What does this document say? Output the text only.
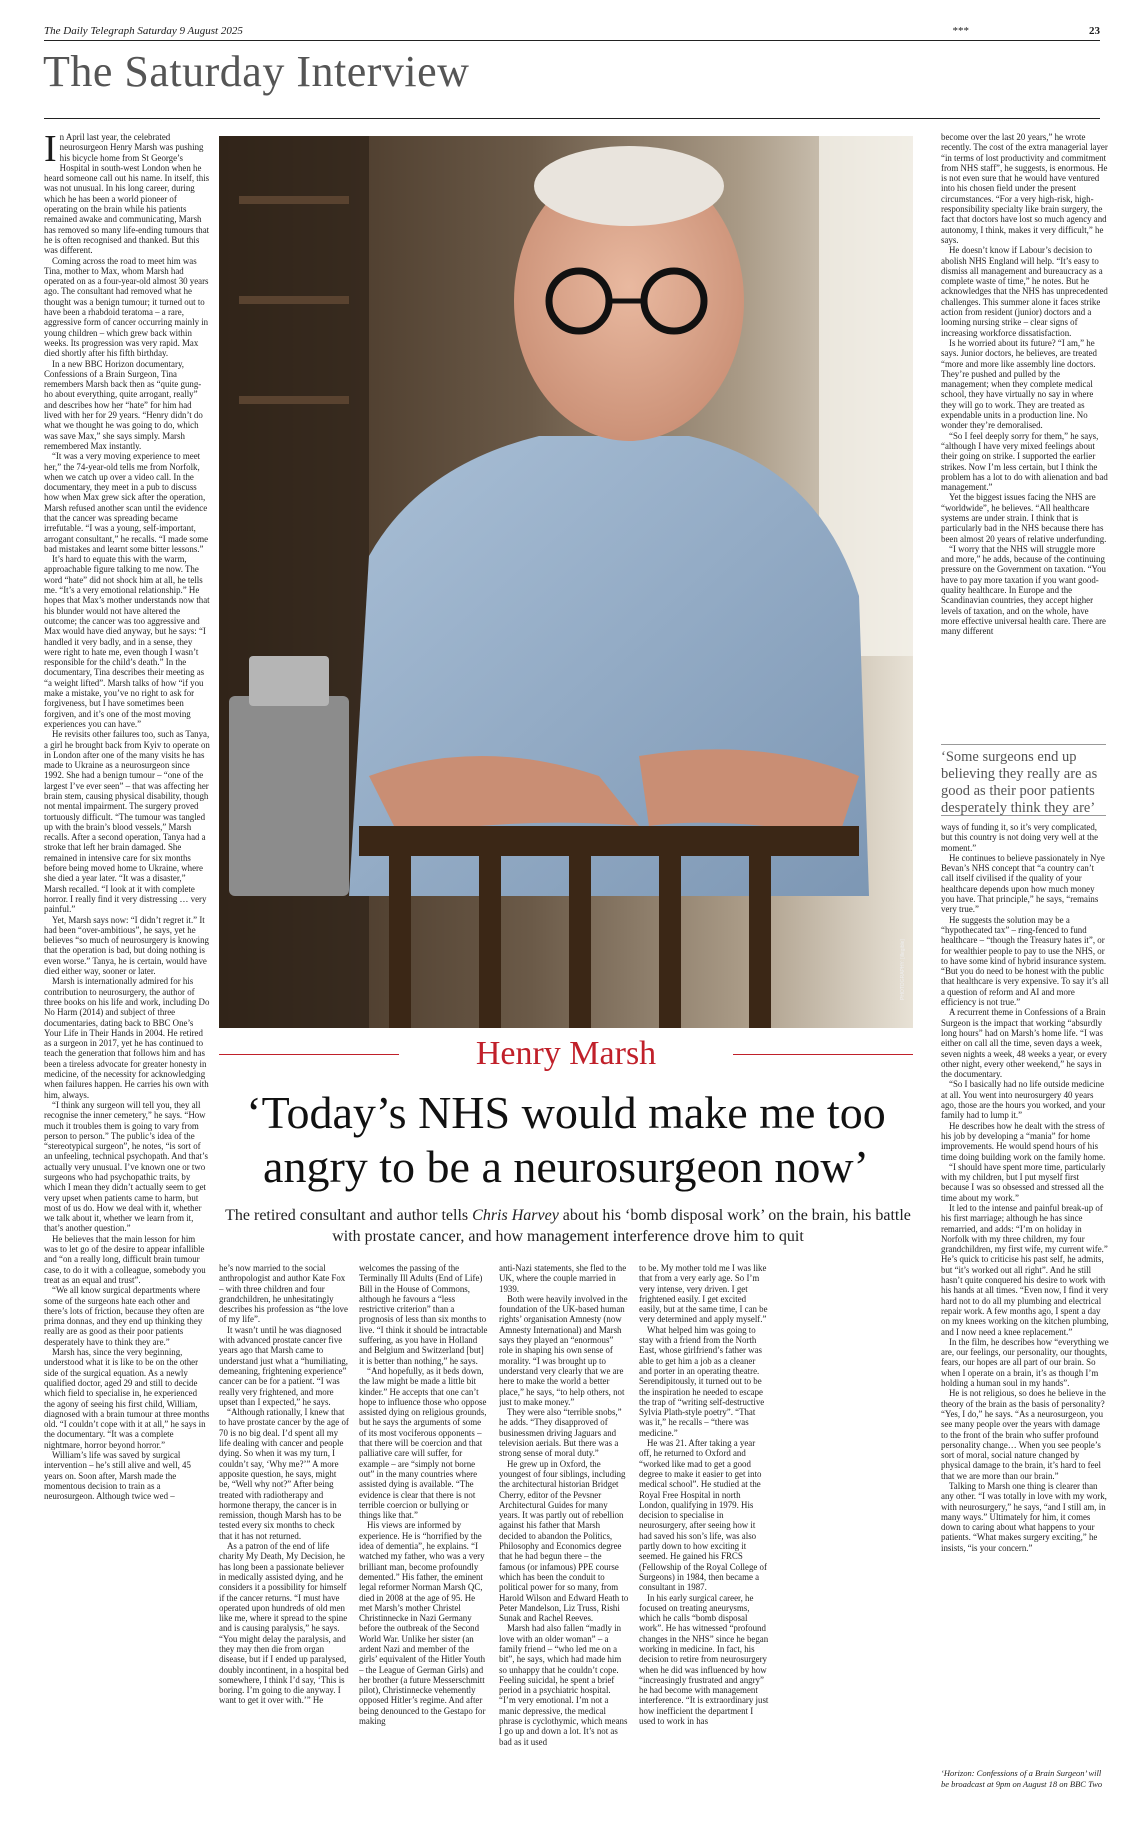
The Daily Telegraph Saturday 9 August 2025	***	23
The Saturday Interview

In April last year, the celebrated neurosurgeon Henry Marsh was pushing his bicycle home from St George’s Hospital in south-west London when he heard someone call out his name. In itself, this was not unusual. In his long career, during which he has been a world pioneer of operating on the brain while his patients remained awake and communicating, Marsh has removed so many life-ending tumours that he is often recognised and thanked. But this was different.

Coming across the road to meet him was Tina, mother to Max, whom Marsh had operated on as a four-year-old almost 30 years ago. The consultant had removed what he thought was a benign tumour; it turned out to have been a rhabdoid teratoma – a rare, aggressive form of cancer occurring mainly in young children – which grew back within weeks. Its progression was very rapid. Max died shortly after his fifth birthday.

In a new BBC Horizon documentary, Confessions of a Brain Surgeon, Tina remembers Marsh back then as “quite gung-ho about everything, quite arrogant, really” and describes how her “hate” for him had lived with her for 29 years. “Henry didn’t do what we thought he was going to do, which was save Max,” she says simply. Marsh remembered Max instantly.

“It was a very moving experience to meet her,” the 74-year-old tells me from Norfolk, when we catch up over a video call. In the documentary, they meet in a pub to discuss how when Max grew sick after the operation, Marsh refused another scan until the evidence that the cancer was spreading became irrefutable. “I was a young, self-important, arrogant consultant,” he recalls. “I made some bad mistakes and learnt some bitter lessons.”

It’s hard to equate this with the warm, approachable figure talking to me now. The word “hate” did not shock him at all, he tells me. “It’s a very emotional relationship.” He hopes that Max’s mother understands now that his blunder would not have altered the outcome; the cancer was too aggressive and Max would have died anyway, but he says: “I handled it very badly, and in a sense, they were right to hate me, even though I wasn’t responsible for the child’s death.” In the documentary, Tina describes their meeting as “a weight lifted”. Marsh talks of how “if you make a mistake, you’ve no right to ask for forgiveness, but I have sometimes been forgiven, and it’s one of the most moving experiences you can have.”

He revisits other failures too, such as Tanya, a girl he brought back from Kyiv to operate on in London after one of the many visits he has made to Ukraine as a neurosurgeon since 1992. She had a benign tumour – “one of the largest I’ve ever seen” – that was affecting her brain stem, causing physical disability, though not mental impairment. The surgery proved tortuously difficult. “The tumour was tangled up with the brain’s blood vessels,” Marsh recalls. After a second operation, Tanya had a stroke that left her brain damaged. She remained in intensive care for six months before being moved home to Ukraine, where she died a year later. “It was a disaster,” Marsh recalled. “I look at it with complete horror. I really find it very distressing … very painful.”

Yet, Marsh says now: “I didn’t regret it.” It had been “over-ambitious”, he says, yet he believes “so much of neurosurgery is knowing that the operation is bad, but doing nothing is even worse.” Tanya, he is certain, would have died either way, sooner or later.

Marsh is internationally admired for his contribution to neurosurgery, the author of three books on his life and work, including Do No Harm (2014) and subject of three documentaries, dating back to BBC One’s Your Life in Their Hands in 2004. He retired as a surgeon in 2017, yet he has continued to teach the generation that follows him and has been a tireless advocate for greater honesty in medicine, of the necessity for acknowledging when failures happen. He carries his own with him, always.

“I think any surgeon will tell you, they all recognise the inner cemetery,” he says. “How much it troubles them is going to vary from person to person.” The public’s idea of the “stereotypical surgeon”, he notes, “is sort of an unfeeling, technical psychopath. And that’s actually very unusual. I’ve known one or two surgeons who had psychopathic traits, by which I mean they didn’t actually seem to get very upset when patients came to harm, but most of us do. How we deal with it, whether we talk about it, whether we learn from it, that’s another question.”

He believes that the main lesson for him was to let go of the desire to appear infallible and “on a really long, difficult brain tumour case, to do it with a colleague, somebody you treat as an equal and trust”.

“We all know surgical departments where some of the surgeons hate each other and there’s lots of friction, because they often are prima donnas, and they end up thinking they really are as good as their poor patients desperately have to think they are.”

Marsh has, since the very beginning, understood what it is like to be on the other side of the surgical equation. As a newly qualified doctor, aged 29 and still to decide which field to specialise in, he experienced the agony of seeing his first child, William, diagnosed with a brain tumour at three months old. “I couldn’t cope with it at all,” he says in the documentary. “It was a complete nightmare, horror beyond horror.”

William’s life was saved by surgical intervention – he’s still alive and well, 45 years on. Soon after, Marsh made the momentous decision to train as a neurosurgeon. Although twice wed –

PHOTOGRAPHY: [illegible]
Henry Marsh
‘Today’s NHS would make me too angry to be a neurosurgeon now’
The retired consultant and author tells Chris Harvey about his ‘bomb disposal work’ on the brain, his battle with prostate cancer, and how management interference drove him to quit

he’s now married to the social anthropologist and author Kate Fox – with three children and four grandchildren, he unhesitatingly describes his profession as “the love of my life”.

It wasn’t until he was diagnosed with advanced prostate cancer five years ago that Marsh came to understand just what a “humiliating, demeaning, frightening experience” cancer can be for a patient. “I was really very frightened, and more upset than I expected,” he says.

“Although rationally, I knew that to have prostate cancer by the age of 70 is no big deal. I’d spent all my life dealing with cancer and people dying. So when it was my turn, I couldn’t say, ‘Why me?’” A more apposite question, he says, might be, “Well why not?” After being treated with radiotherapy and hormone therapy, the cancer is in remission, though Marsh has to be tested every six months to check that it has not returned.

As a patron of the end of life charity My Death, My Decision, he has long been a passionate believer in medically assisted dying, and he considers it a possibility for himself if the cancer returns. “I must have operated upon hundreds of old men like me, where it spread to the spine and is causing paralysis,” he says. “You might delay the paralysis, and they may then die from organ disease, but if I ended up paralysed, doubly incontinent, in a hospital bed somewhere, I think I’d say, ‘This is boring. I’m going to die anyway. I want to get it over with.’” He

welcomes the passing of the Terminally Ill Adults (End of Life) Bill in the House of Commons, although he favours a “less restrictive criterion” than a prognosis of less than six months to live. “I think it should be intractable suffering, as you have in Holland and Belgium and Switzerland [but] it is better than nothing,” he says.

“And hopefully, as it beds down, the law might be made a little bit kinder.” He accepts that one can’t hope to influence those who oppose assisted dying on religious grounds, but he says the arguments of some of its most vociferous opponents – that there will be coercion and that palliative care will suffer, for example – are “simply not borne out” in the many countries where assisted dying is available. “The evidence is clear that there is not terrible coercion or bullying or things like that.”

His views are informed by experience. He is “horrified by the idea of dementia”, he explains. “I watched my father, who was a very brilliant man, become profoundly demented.” His father, the eminent legal reformer Norman Marsh QC, died in 2008 at the age of 95. He met Marsh’s mother Christel Christinnecke in Nazi Germany before the outbreak of the Second World War. Unlike her sister (an ardent Nazi and member of the girls’ equivalent of the Hitler Youth – the League of German Girls) and her brother (a future Messerschmitt pilot), Christinnecke vehemently opposed Hitler’s regime. And after being denounced to the Gestapo for making

anti-Nazi statements, she fled to the UK, where the couple married in 1939.

Both were heavily involved in the foundation of the UK-based human rights’ organisation Amnesty (now Amnesty International) and Marsh says they played an “enormous” role in shaping his own sense of morality. “I was brought up to understand very clearly that we are here to make the world a better place,” he says, “to help others, not just to make money.”

They were also “terrible snobs,” he adds. “They disapproved of businessmen driving Jaguars and television aerials. But there was a strong sense of moral duty.”

He grew up in Oxford, the youngest of four siblings, including the architectural historian Bridget Cherry, editor of the Pevsner Architectural Guides for many years. It was partly out of rebellion against his father that Marsh decided to abandon the Politics, Philosophy and Economics degree that he had begun there – the famous (or infamous) PPE course which has been the conduit to political power for so many, from Harold Wilson and Edward Heath to Peter Mandelson, Liz Truss, Rishi Sunak and Rachel Reeves.

Marsh had also fallen “madly in love with an older woman” – a family friend – “who led me on a bit”, he says, which had made him so unhappy that he couldn’t cope. Feeling suicidal, he spent a brief period in a psychiatric hospital. “I’m very emotional. I’m not a manic depressive, the medical phrase is cyclothymic, which means I go up and down a lot. It’s not as bad as it used

to be. My mother told me I was like that from a very early age. So I’m very intense, very driven. I get frightened easily. I get excited easily, but at the same time, I can be very determined and apply myself.”

What helped him was going to stay with a friend from the North East, whose girlfriend’s father was able to get him a job as a cleaner and porter in an operating theatre. Serendipitously, it turned out to be the inspiration he needed to escape the trap of “writing self-destructive Sylvia Plath-style poetry”. “That was it,” he recalls – “there was medicine.”

He was 21. After taking a year off, he returned to Oxford and “worked like mad to get a good degree to make it easier to get into medical school”. He studied at the Royal Free Hospital in north London, qualifying in 1979. His decision to specialise in neurosurgery, after seeing how it had saved his son’s life, was also partly down to how exciting it seemed. He gained his FRCS (Fellowship of the Royal College of Surgeons) in 1984, then became a consultant in 1987.

In his early surgical career, he focused on treating aneurysms, which he calls “bomb disposal work”. He has witnessed “profound changes in the NHS” since he began working in medicine. In fact, his decision to retire from neurosurgery when he did was influenced by how “increasingly frustrated and angry” he had become with management interference. “It is extraordinary just how inefficient the department I used to work in has

become over the last 20 years,” he wrote recently. The cost of the extra managerial layer “in terms of lost productivity and commitment from NHS staff”, he suggests, is enormous. He is not even sure that he would have ventured into his chosen field under the present circumstances. “For a very high-risk, high-responsibility specialty like brain surgery, the fact that doctors have lost so much agency and autonomy, I think, makes it very difficult,” he says.

He doesn’t know if Labour’s decision to abolish NHS England will help. “It’s easy to dismiss all management and bureaucracy as a complete waste of time,” he notes. But he acknowledges that the NHS has unprecedented challenges. This summer alone it faces strike action from resident (junior) doctors and a looming nursing strike – clear signs of increasing workforce dissatisfaction.

Is he worried about its future? “I am,” he says. Junior doctors, he believes, are treated “more and more like assembly line doctors. They’re pushed and pulled by the management; when they complete medical school, they have virtually no say in where they will go to work. They are treated as expendable units in a production line. No wonder they’re demoralised.

“So I feel deeply sorry for them,” he says, “although I have very mixed feelings about their going on strike. I supported the earlier strikes. Now I’m less certain, but I think the problem has a lot to do with alienation and bad management.”

Yet the biggest issues facing the NHS are “worldwide”, he believes. “All healthcare systems are under strain. I think that is particularly bad in the NHS because there has been almost 20 years of relative underfunding.

“I worry that the NHS will struggle more and more,” he adds, because of the continuing pressure on the Government on taxation. “You have to pay more taxation if you want good-quality healthcare. In Europe and the Scandinavian countries, they accept higher levels of taxation, and on the whole, have more effective universal health care. There are many different

‘Some surgeons end up believing they really are as good as their poor patients desperately think they are’

ways of funding it, so it’s very complicated, but this country is not doing very well at the moment.”

He continues to believe passionately in Nye Bevan’s NHS concept that “a country can’t call itself civilised if the quality of your healthcare depends upon how much money you have. That principle,” he says, “remains very true.”

He suggests the solution may be a “hypothecated tax” – ring-fenced to fund healthcare – “though the Treasury hates it”, or for wealthier people to pay to use the NHS, or to have some kind of hybrid insurance system. “But you do need to be honest with the public that healthcare is very expensive. To say it’s all a question of reform and AI and more efficiency is not true.”

A recurrent theme in Confessions of a Brain Surgeon is the impact that working “absurdly long hours” had on Marsh’s home life. “I was either on call all the time, seven days a week, seven nights a week, 48 weeks a year, or every other night, every other weekend,” he says in the documentary.

“So I basically had no life outside medicine at all. You went into neurosurgery 40 years ago, those are the hours you worked, and your family had to lump it.”

He describes how he dealt with the stress of his job by developing a “mania” for home improvements. He would spend hours of his time doing building work on the family home.

“I should have spent more time, particularly with my children, but I put myself first because I was so obsessed and stressed all the time about my work.”

It led to the intense and painful break-up of his first marriage; although he has since remarried, and adds: “I’m on holiday in Norfolk with my three children, my four grandchildren, my first wife, my current wife.” He’s quick to criticise his past self, he admits, but “it’s worked out all right”. And he still hasn’t quite conquered his desire to work with his hands at all times. “Even now, I find it very hard not to do all my plumbing and electrical repair work. A few months ago, I spent a day on my knees working on the kitchen plumbing, and I now need a knee replacement.”

In the film, he describes how “everything we are, our feelings, our personality, our thoughts, fears, our hopes are all part of our brain. So when I operate on a brain, it’s as though I’m holding a human soul in my hands”.

He is not religious, so does he believe in the theory of the brain as the basis of personality? “Yes, I do,” he says. “As a neurosurgeon, you see many people over the years with damage to the front of the brain who suffer profound personality change… When you see people’s sort of moral, social nature changed by physical damage to the brain, it’s hard to feel that we are more than our brain.”

Talking to Marsh one thing is clearer than any other. “I was totally in love with my work, with neurosurgery,” he says, “and I still am, in many ways.” Ultimately for him, it comes down to caring about what happens to your patients. “What makes surgery exciting,” he insists, “is your concern.”

‘Horizon: Confessions of a Brain Surgeon’ will be broadcast at 9pm on August 18 on BBC Two
